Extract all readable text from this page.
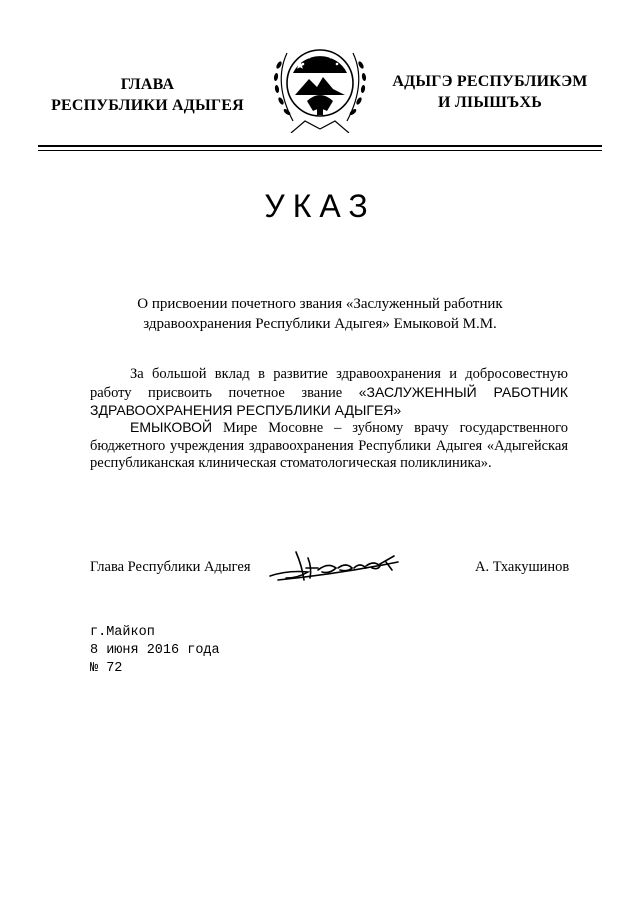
ГЛАВА
РЕСПУБЛИКИ АДЫГЕЯ
АДЫГЭ РЕСПУБЛИКЭМ
И ЛІЫШЪХЬ
УКАЗ
О присвоении почетного звания «Заслуженный работник
здравоохранения Республики Адыгея» Емыковой М.М.
За большой вклад в развитие здравоохранения и добросовестную работу присвоить почетное звание «ЗАСЛУЖЕННЫЙ РАБОТНИК ЗДРАВООХРАНЕНИЯ РЕСПУБЛИКИ АДЫГЕЯ»
ЕМЫКОВОЙ Мире Мосовне – зубному врачу государственного бюджетного учреждения здравоохранения Республики Адыгея «Адыгейская республиканская клиническая стоматологическая поликлиника».
Глава Республики Адыгея	А. Тхакушинов
г.Майкоп
8 июня 2016 года
№ 72
